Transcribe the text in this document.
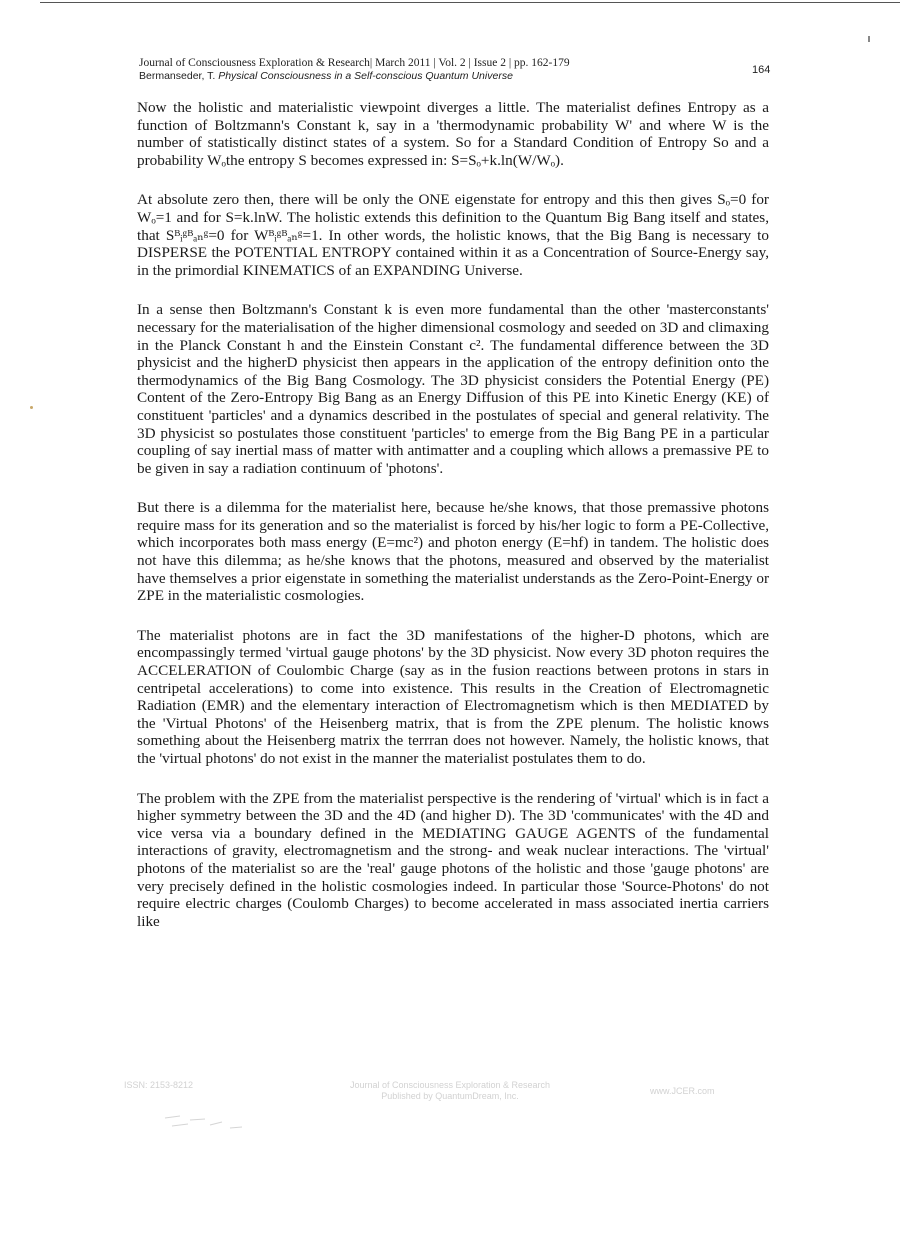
Journal of Consciousness Exploration & Research| March 2011 | Vol. 2 | Issue 2 | pp. 162-179
Bermanseder, T. Physical Consciousness in a Self-conscious Quantum Universe	164

Now the holistic and materialistic viewpoint diverges a little. The materialist defines Entropy as a function of Boltzmann's Constant k, say in a 'thermodynamic probability W' and where W is the number of statistically distinct states of a system. So for a Standard Condition of Entropy So and a probability Wₒthe entropy S becomes expressed in: S=Sₒ+k.ln(W/Wₒ).

At absolute zero then, there will be only the ONE eigenstate for entropy and this then gives Sₒ=0 for Wₒ=1 and for S=k.lnW. The holistic extends this definition to the Quantum Big Bang itself and states, that Sᴮᵢᵍᴮₐₙᵍ=0 for Wᴮᵢᵍᴮₐₙᵍ=1. In other words, the holistic knows, that the Big Bang is necessary to DISPERSE the POTENTIAL ENTROPY contained within it as a Concentration of Source-Energy say, in the primordial KINEMATICS of an EXPANDING Universe.

In a sense then Boltzmann's Constant k is even more fundamental than the other 'masterconstants' necessary for the materialisation of the higher dimensional cosmology and seeded on 3D and climaxing in the Planck Constant h and the Einstein Constant c². The fundamental difference between the 3D physicist and the higherD physicist then appears in the application of the entropy definition onto the thermodynamics of the Big Bang Cosmology. The 3D physicist considers the Potential Energy (PE) Content of the Zero-Entropy Big Bang as an Energy Diffusion of this PE into Kinetic Energy (KE) of constituent 'particles' and a dynamics described in the postulates of special and general relativity. The 3D physicist so postulates those constituent 'particles' to emerge from the Big Bang PE in a particular coupling of say inertial mass of matter with antimatter and a coupling which allows a premassive PE to be given in say a radiation continuum of 'photons'.

But there is a dilemma for the materialist here, because he/she knows, that those premassive photons require mass for its generation and so the materialist is forced by his/her logic to form a PE-Collective, which incorporates both mass energy (E=mc²) and photon energy (E=hf) in tandem. The holistic does not have this dilemma; as he/she knows that the photons, measured and observed by the materialist have themselves a prior eigenstate in something the materialist understands as the Zero-Point-Energy or ZPE in the materialistic cosmologies.

The materialist photons are in fact the 3D manifestations of the higher-D photons, which are encompassingly termed 'virtual gauge photons' by the 3D physicist. Now every 3D photon requires the ACCELERATION of Coulombic Charge (say as in the fusion reactions between protons in stars in centripetal accelerations) to come into existence. This results in the Creation of Electromagnetic Radiation (EMR) and the elementary interaction of Electromagnetism which is then MEDIATED by the 'Virtual Photons' of the Heisenberg matrix, that is from the ZPE plenum. The holistic knows something about the Heisenberg matrix the terrran does not however. Namely, the holistic knows, that the 'virtual photons' do not exist in the manner the materialist postulates them to do.

The problem with the ZPE from the materialist perspective is the rendering of 'virtual' which is in fact a higher symmetry between the 3D and the 4D (and higher D). The 3D 'communicates' with the 4D and vice versa via a boundary defined in the MEDIATING GAUGE AGENTS of the fundamental interactions of gravity, electromagnetism and the strong- and weak nuclear interactions. The 'virtual' photons of the materialist so are the 'real' gauge photons of the holistic and those 'gauge photons' are very precisely defined in the holistic cosmologies indeed. In particular those 'Source-Photons' do not require electric charges (Coulomb Charges) to become accelerated in mass associated inertia carriers like

ISSN: 2153-8212	Journal of Consciousness Exploration & Research
Published by QuantumDream, Inc.	www.JCER.com
